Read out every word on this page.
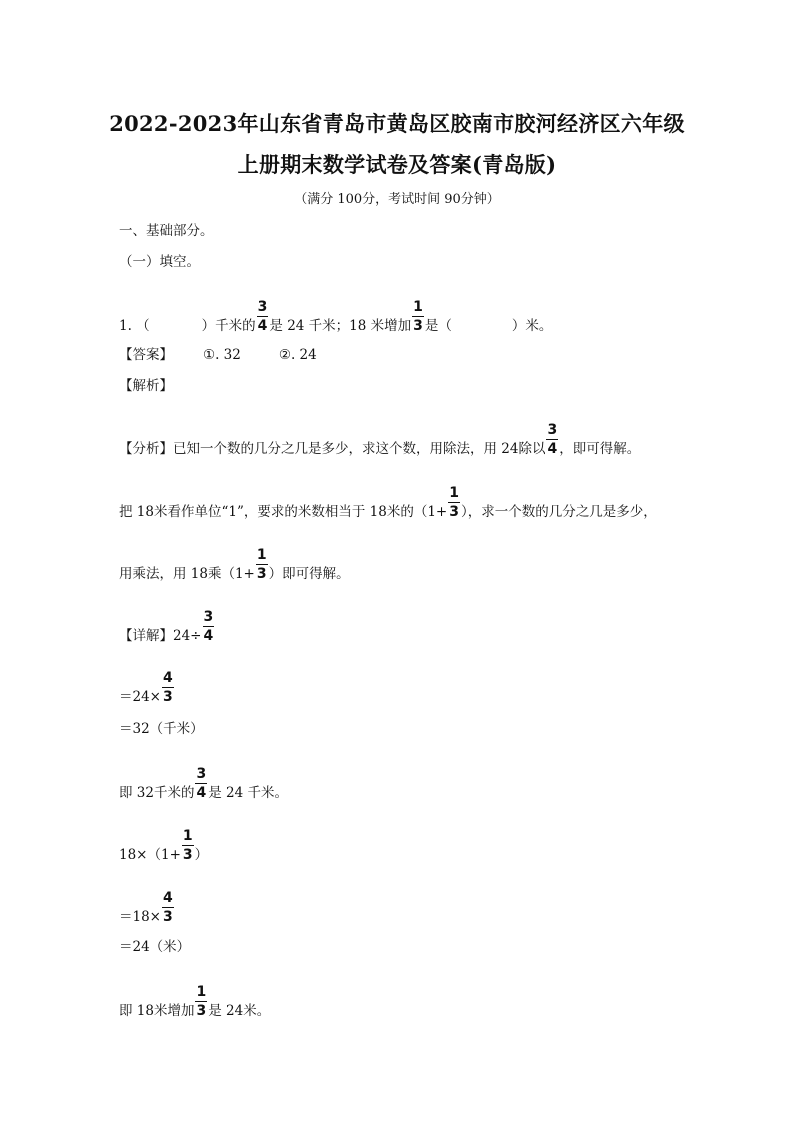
2022-2023年山东省青岛市黄岛区胶南市胶河经济区六年级
上册期末数学试卷及答案(青岛版)
（满分 100分，考试时间 90分钟）
一、基础部分。
（一）填空。
1. （	）千米的 $\frac{3}{4}$ 是 24 千米；18 米增加 $\frac{1}{3}$ 是（	）米。
【答案】 ①. 32	②. 24
【解析】
【分析】已知一个数的几分之几是多少，求这个数，用除法，用 24除以 $\frac{3}{4}$ ，即可得解。
把 18米看作单位“1”，要求的米数相当于 18米的（$1+ \frac{1}{3}$ ），求一个数的几分之几是多少，
用乘法，用 18乘（$1+ \frac{1}{3}$ ）即可得解。
【详解】$24\div \frac{3}{4}$
$=24\times \frac{4}{3}$
＝32（千米）
即 32千米的 $\frac{3}{4}$ 是 24 千米。
$18\times(1+ \frac{1}{3}$ ）
$=18\times \frac{4}{3}$
＝24（米）
即 18米增加 $\frac{1}{3}$ 是 24米。
